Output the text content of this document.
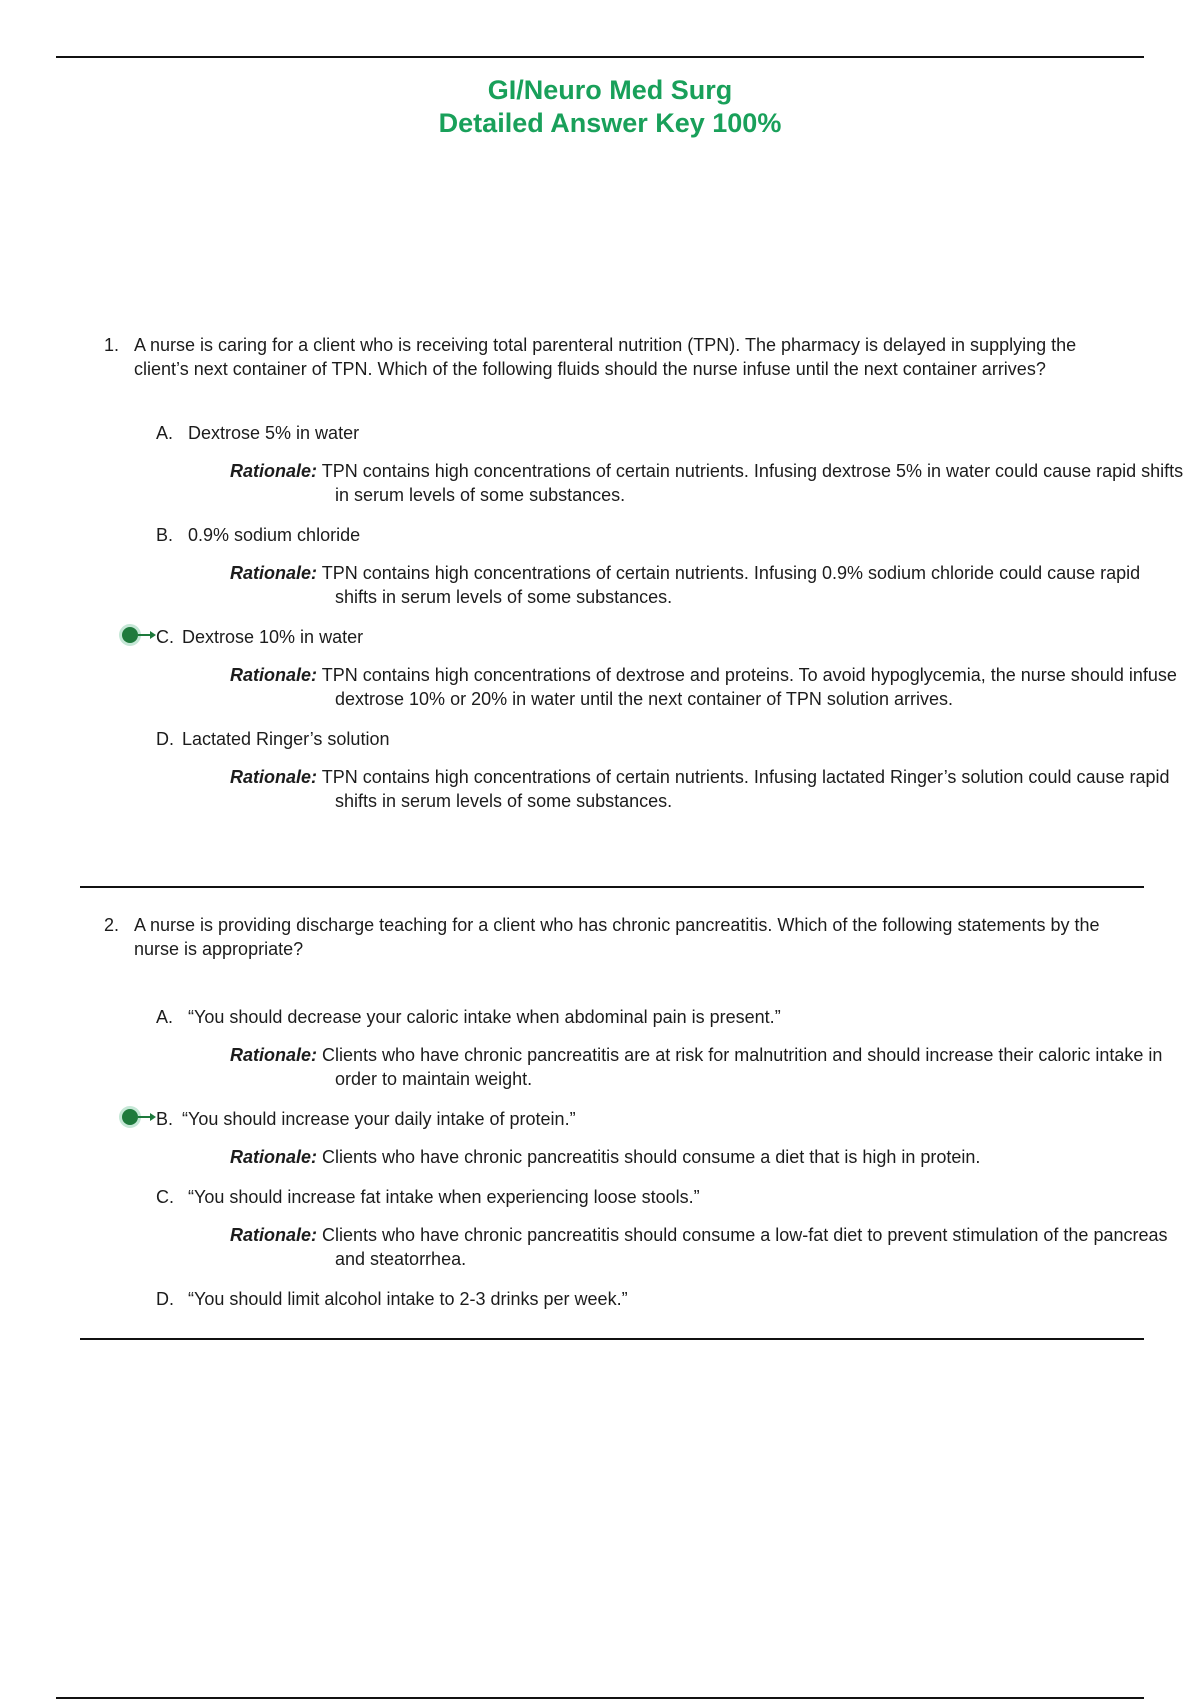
GI/Neuro Med Surg
Detailed Answer Key 100%
1. A nurse is caring for a client who is receiving total parenteral nutrition (TPN). The pharmacy is delayed in supplying the client’s next container of TPN. Which of the following fluids should the nurse infuse until the next container arrives?
A. Dextrose 5% in water
Rationale: TPN contains high concentrations of certain nutrients. Infusing dextrose 5% in water could cause rapid shifts in serum levels of some substances.
B. 0.9% sodium chloride
Rationale: TPN contains high concentrations of certain nutrients. Infusing 0.9% sodium chloride could cause rapid shifts in serum levels of some substances.
C. Dextrose 10% in water
Rationale: TPN contains high concentrations of dextrose and proteins. To avoid hypoglycemia, the nurse should infuse dextrose 10% or 20% in water until the next container of TPN solution arrives.
D. Lactated Ringer’s solution
Rationale: TPN contains high concentrations of certain nutrients. Infusing lactated Ringer’s solution could cause rapid shifts in serum levels of some substances.
2. A nurse is providing discharge teaching for a client who has chronic pancreatitis. Which of the following statements by the nurse is appropriate?
A. “You should decrease your caloric intake when abdominal pain is present.”
Rationale: Clients who have chronic pancreatitis are at risk for malnutrition and should increase their caloric intake in order to maintain weight.
B. “You should increase your daily intake of protein.”
Rationale: Clients who have chronic pancreatitis should consume a diet that is high in protein.
C. “You should increase fat intake when experiencing loose stools.”
Rationale: Clients who have chronic pancreatitis should consume a low-fat diet to prevent stimulation of the pancreas and steatorrhea.
D. “You should limit alcohol intake to 2-3 drinks per week.”
